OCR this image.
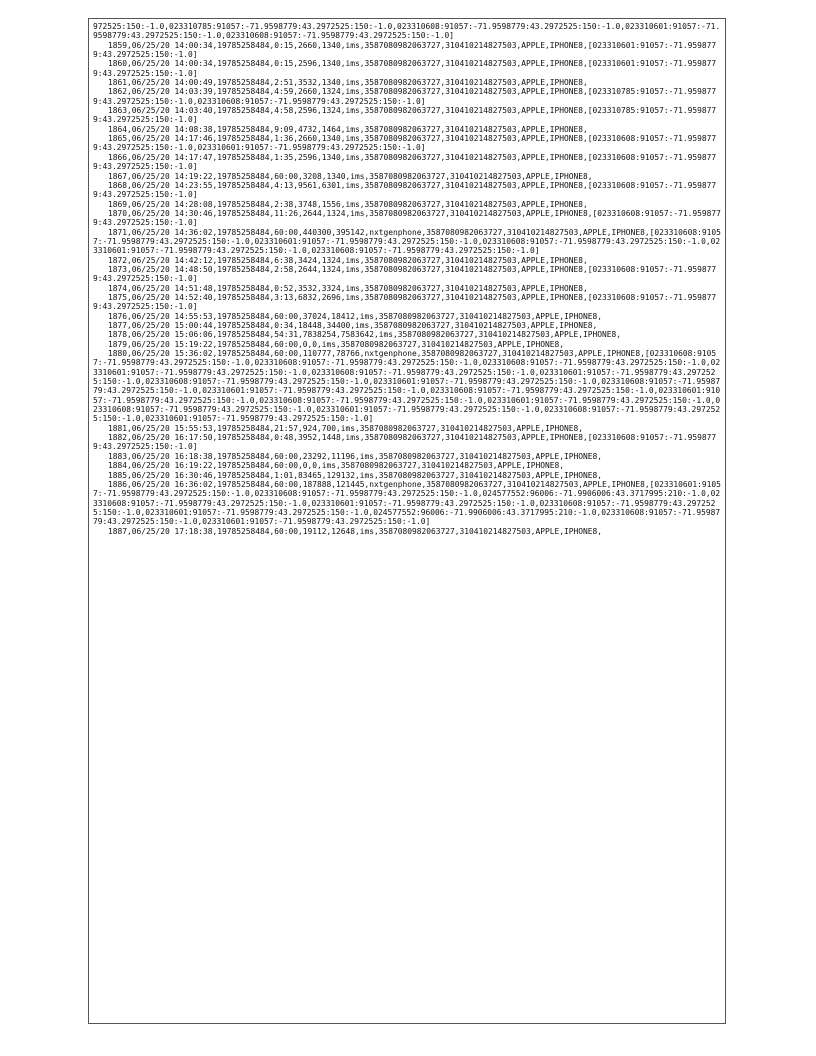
972525:150:-1.0,023310785:91057:-71.9598779:43.2972525:150:-1.0,023310608:91057:-71.9598779:43.2972525:150:-1.0,023310601:91057:-71.9598779:43.2972525:150:-1.0,023310608:91057:-71.9598779:43.2972525:150:-1.0]

1859,06/25/20 14:00:34,19785258484,0:15,2660,1340,ims,3587080982063727,310410214827503,APPLE,IPHONE8,[023310601:91057:-71.9598779:43.2972525:150:-1.0]

1860,06/25/20 14:00:34,19785258484,0:15,2596,1340,ims,3587080982063727,310410214827503,APPLE,IPHONE8,[023310601:91057:-71.9598779:43.2972525:150:-1.0]

1861,06/25/20 14:00:49,19785258484,2:51,3532,1340,ims,3587080982063727,310410214827503,APPLE,IPHONE8,

1862,06/25/20 14:03:39,19785258484,4:59,2660,1324,ims,3587080982063727,310410214827503,APPLE,IPHONE8,[023310785:91057:-71.9598779:43.2972525:150:-1.0,023310608:91057:-71.9598779:43.2972525:150:-1.0]

1863,06/25/20 14:03:40,19785258484,4:58,2596,1324,ims,3587080982063727,310410214827503,APPLE,IPHONE8,[023310785:91057:-71.9598779:43.2972525:150:-1.0]

1864,06/25/20 14:08:38,19785258484,9:09,4732,1464,ims,3587080982063727,310410214827503,APPLE,IPHONE8,

1865,06/25/20 14:17:46,19785258484,1:36,2660,1340,ims,3587080982063727,310410214827503,APPLE,IPHONE8,[023310608:91057:-71.9598779:43.2972525:150:-1.0,023310601:91057:-71.9598779:43.2972525:150:-1.0]

1866,06/25/20 14:17:47,19785258484,1:35,2596,1340,ims,3587080982063727,310410214827503,APPLE,IPHONE8,[023310608:91057:-71.9598779:43.2972525:150:-1.0]

1867,06/25/20 14:19:22,19785258484,60:00,3208,1340,ims,3587080982063727,310410214827503,APPLE,IPHONE8,

1868,06/25/20 14:23:55,19785258484,4:13,9561,6301,ims,3587080982063727,310410214827503,APPLE,IPHONE8,[023310608:91057:-71.9598779:43.2972525:150:-1.0]

1869,06/25/20 14:28:08,19785258484,2:38,3748,1556,ims,3587080982063727,310410214827503,APPLE,IPHONE8,

1870,06/25/20 14:30:46,19785258484,11:26,2644,1324,ims,3587080982063727,310410214827503,APPLE,IPHONE8,[023310608:91057:-71.9598779:43.2972525:150:-1.0]

1871,06/25/20 14:36:02,19785258484,60:00,440300,395142,nxtgenphone,3587080982063727,310410214827503,APPLE,IPHONE8,[023310608:91057:-71.9598779:43.2972525:150:-1.0,023310601:91057:-71.9598779:43.2972525:150:-1.0,023310608:91057:-71.9598779:43.2972525:150:-1.0,023310601:91057:-71.9598779:43.2972525:150:-1.0,023310608:91057:-71.9598779:43.2972525:150:-1.0]

1872,06/25/20 14:42:12,19785258484,6:38,3424,1324,ims,3587080982063727,310410214827503,APPLE,IPHONE8,

1873,06/25/20 14:48:50,19785258484,2:58,2644,1324,ims,3587080982063727,310410214827503,APPLE,IPHONE8,[023310608:91057:-71.9598779:43.2972525:150:-1.0]

1874,06/25/20 14:51:48,19785258484,0:52,3532,3324,ims,3587080982063727,310410214827503,APPLE,IPHONE8,

1875,06/25/20 14:52:40,19785258484,3:13,6832,2696,ims,3587080982063727,310410214827503,APPLE,IPHONE8,[023310608:91057:-71.9598779:43.2972525:150:-1.0]

1876,06/25/20 14:55:53,19785258484,60:00,37024,18412,ims,3587080982063727,310410214827503,APPLE,IPHONE8,

1877,06/25/20 15:00:44,19785258484,0:34,18448,34400,ims,3587080982063727,310410214827503,APPLE,IPHONE8,

1878,06/25/20 15:06:06,19785258484,54:31,7838254,7583642,ims,3587080982063727,310410214827503,APPLE,IPHONE8,

1879,06/25/20 15:19:22,19785258484,60:00,0,0,ims,3587080982063727,310410214827503,APPLE,IPHONE8,

1880,06/25/20 15:36:02,19785258484,60:00,110777,78766,nxtgenphone,3587080982063727,310410214827503,APPLE,IPHONE8,[023310608:91057:-71.9598779:43.2972525:150:-1.0,023310608:91057:-71.9598779:43.2972525:150:-1.0,023310608:91057:-71.9598779:43.2972525:150:-1.0,023310601:91057:-71.9598779:43.2972525:150:-1.0,023310608:91057:-71.9598779:43.2972525:150:-1.0,023310601:91057:-71.9598779:43.2972525:150:-1.0,023310608:91057:-71.9598779:43.2972525:150:-1.0,023310601:91057:-71.9598779:43.2972525:150:-1.0,023310608:91057:-71.9598779:43.2972525:150:-1.0,023310601:91057:-71.9598779:43.2972525:150:-1.0,023310608:91057:-71.9598779:43.2972525:150:-1.0,023310601:91057:-71.9598779:43.2972525:150:-1.0,023310608:91057:-71.9598779:43.2972525:150:-1.0,023310601:91057:-71.9598779:43.2972525:150:-1.0,023310608:91057:-71.9598779:43.2972525:150:-1.0,023310601:91057:-71.9598779:43.2972525:150:-1.0,023310608:91057:-71.9598779:43.2972525:150:-1.0,023310601:91057:-71.9598779:43.2972525:150:-1.0]

1881,06/25/20 15:55:53,19785258484,21:57,924,700,ims,3587080982063727,310410214827503,APPLE,IPHONE8,

1882,06/25/20 16:17:50,19785258484,0:48,3952,1448,ims,3587080982063727,310410214827503,APPLE,IPHONE8,[023310608:91057:-71.9598779:43.2972525:150:-1.0]

1883,06/25/20 16:18:38,19785258484,60:00,23292,11196,ims,3587080982063727,310410214827503,APPLE,IPHONE8,

1884,06/25/20 16:19:22,19785258484,60:00,0,0,ims,3587080982063727,310410214827503,APPLE,IPHONE8,

1885,06/25/20 16:30:46,19785258484,1:01,83465,129132,ims,3587080982063727,310410214827503,APPLE,IPHONE8,

1886,06/25/20 16:36:02,19785258484,60:00,187888,121445,nxtgenphone,3587080982063727,310410214827503,APPLE,IPHONE8,[023310601:91057:-71.9598779:43.2972525:150:-1.0,023310608:91057:-71.9598779:43.2972525:150:-1.0,024577552:96006:-71.9906006:43.3717995:210:-1.0,023310608:91057:-71.9598779:43.2972525:150:-1.0,023310601:91057:-71.9598779:43.2972525:150:-1.0,023310608:91057:-71.9598779:43.2972525:150:-1.0,023310601:91057:-71.9598779:43.2972525:150:-1.0,024577552:96006:-71.9906006:43.3717995:210:-1.0,023310608:91057:-71.9598779:43.2972525:150:-1.0,023310601:91057:-71.9598779:43.2972525:150:-1.0]

1887,06/25/20 17:18:38,19785258484,60:00,19112,12648,ims,3587080982063727,310410214827503,APPLE,IPHONE8,
